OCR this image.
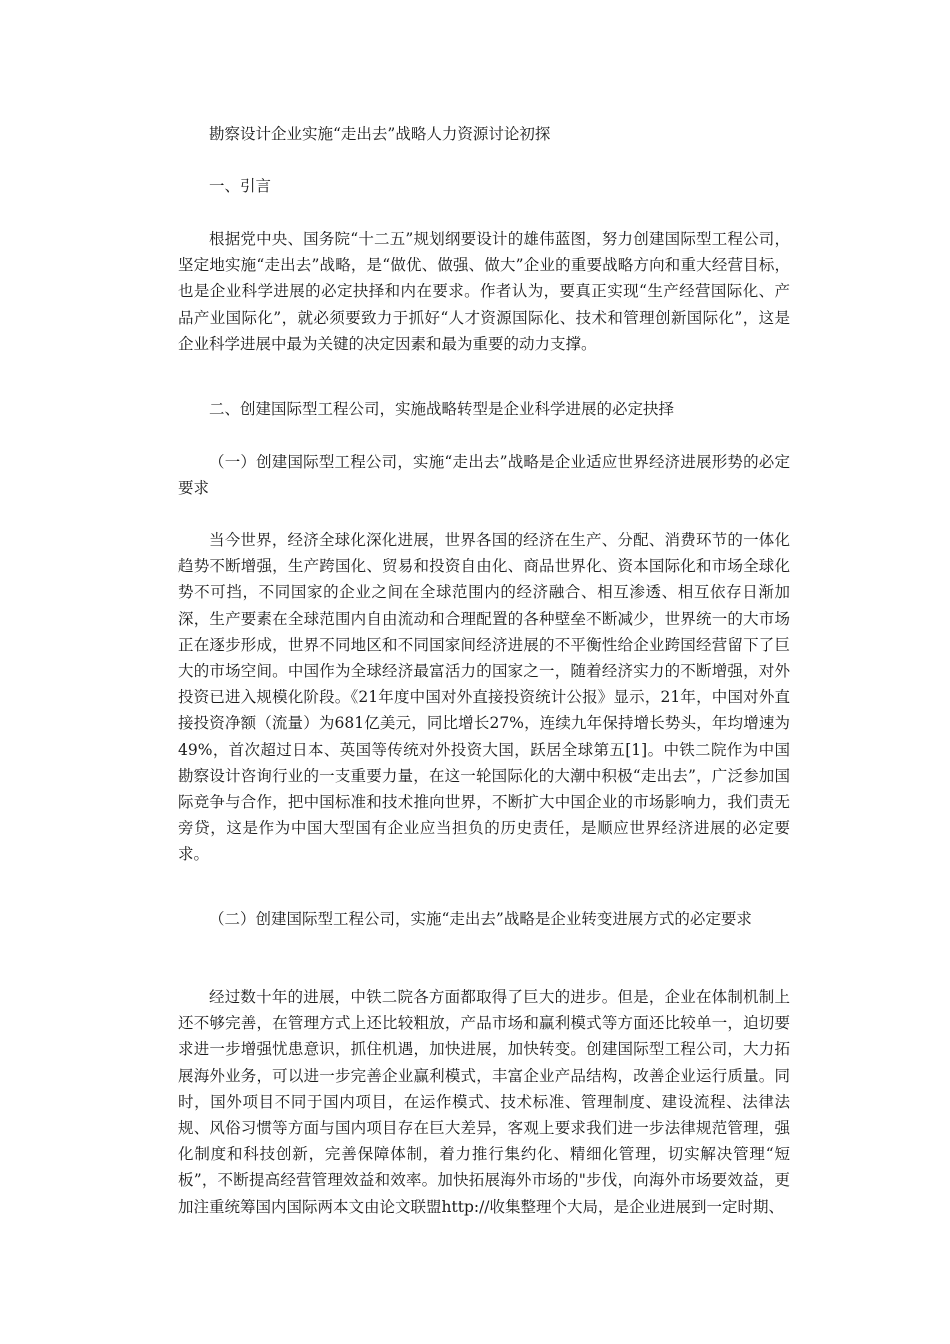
勘察设计企业实施“走出去”战略人力资源讨论初探

一、引言

根据党中央、国务院“十二五”规划纲要设计的雄伟蓝图，努力创建国际型工程公司，坚定地实施“走出去”战略，是“做优、做强、做大”企业的重要战略方向和重大经营目标，也是企业科学进展的必定抉择和内在要求。作者认为，要真正实现“生产经营国际化、产品产业国际化”，就必须要致力于抓好“人才资源国际化、技术和管理创新国际化”，这是企业科学进展中最为关键的决定因素和最为重要的动力支撑。

二、创建国际型工程公司，实施战略转型是企业科学进展的必定抉择

（一）创建国际型工程公司，实施“走出去”战略是企业适应世界经济进展形势的必定要求

当今世界，经济全球化深化进展，世界各国的经济在生产、分配、消费环节的一体化趋势不断增强，生产跨国化、贸易和投资自由化、商品世界化、资本国际化和市场全球化势不可挡，不同国家的企业之间在全球范围内的经济融合、相互渗透、相互依存日渐加深，生产要素在全球范围内自由流动和合理配置的各种壁垒不断减少，世界统一的大市场正在逐步形成，世界不同地区和不同国家间经济进展的不平衡性给企业跨国经营留下了巨大的市场空间。中国作为全球经济最富活力的国家之一，随着经济实力的不断增强，对外投资已进入规模化阶段。《21年度中国对外直接投资统计公报》显示，21年，中国对外直接投资净额（流量）为681亿美元，同比增长27%，连续九年保持增长势头，年均增速为49%，首次超过日本、英国等传统对外投资大国，跃居全球第五[1]。中铁二院作为中国勘察设计咨询行业的一支重要力量，在这一轮国际化的大潮中积极“走出去”，广泛参加国际竞争与合作，把中国标准和技术推向世界，不断扩大中国企业的市场影响力，我们责无旁贷，这是作为中国大型国有企业应当担负的历史责任，是顺应世界经济进展的必定要求。

（二）创建国际型工程公司，实施“走出去”战略是企业转变进展方式的必定要求

经过数十年的进展，中铁二院各方面都取得了巨大的进步。但是，企业在体制机制上还不够完善，在管理方式上还比较粗放，产品市场和赢利模式等方面还比较单一，迫切要求进一步增强忧患意识，抓住机遇，加快进展，加快转变。创建国际型工程公司，大力拓展海外业务，可以进一步完善企业赢利模式，丰富企业产品结构，改善企业运行质量。同时，国外项目不同于国内项目，在运作模式、技术标准、管理制度、建设流程、法律法规、风俗习惯等方面与国内项目存在巨大差异，客观上要求我们进一步法律规范管理，强化制度和科技创新，完善保障体制，着力推行集约化、精细化管理，切实解决管理“短板”，不断提高经营管理效益和效率。加快拓展海外市场的"步伐，向海外市场要效益，更加注重统筹国内国际两本文由论文联盟http://收集整理个大局，是企业进展到一定时期、
